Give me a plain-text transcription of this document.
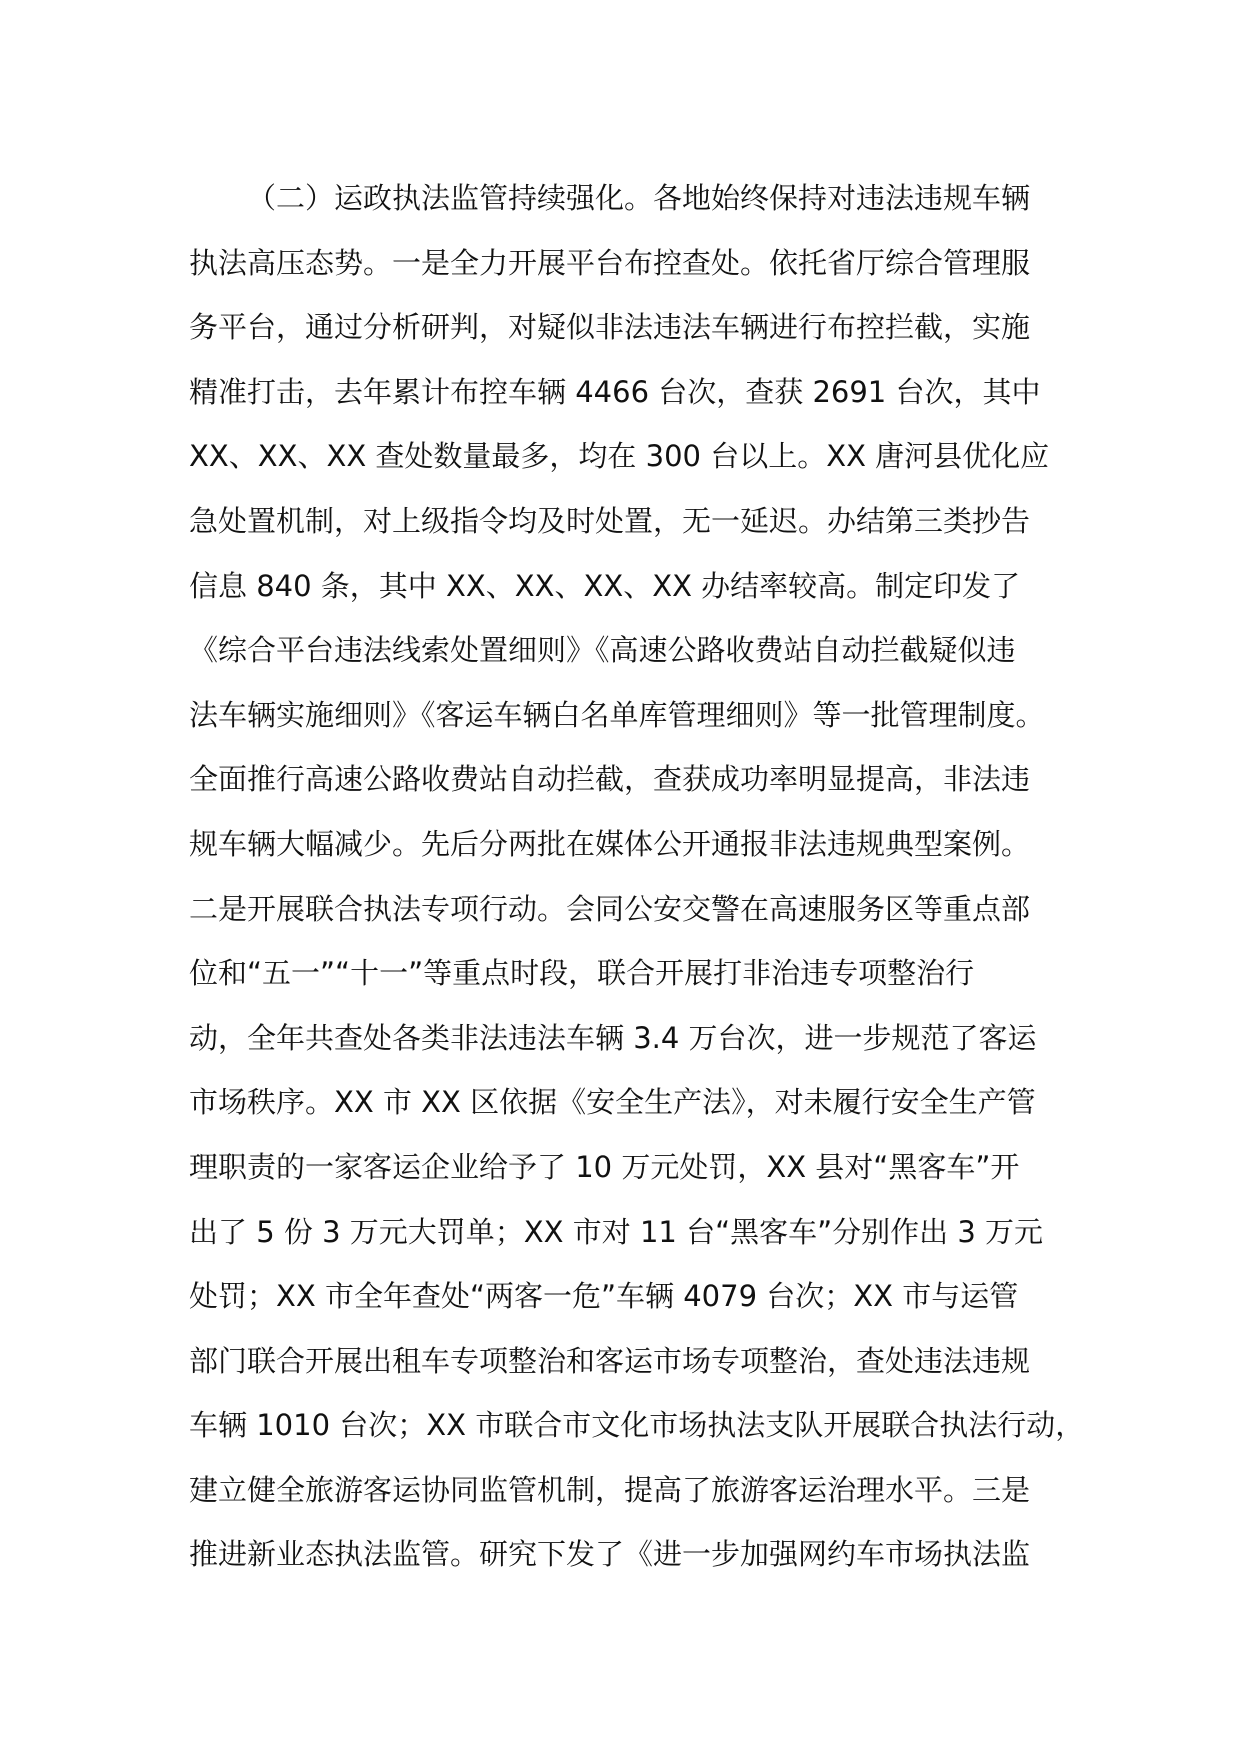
（二）运政执法监管持续强化。各地始终保持对违法违规车辆
执法高压态势。一是全力开展平台布控查处。依托省厅综合管理服
务平台，通过分析研判，对疑似非法违法车辆进行布控拦截，实施
精准打击，去年累计布控车辆 4466 台次，查获 2691 台次，其中
XX、XX、XX 查处数量最多，均在 300 台以上。XX 唐河县优化应
急处置机制，对上级指令均及时处置，无一延迟。办结第三类抄告
信息 840 条，其中 XX、XX、XX、XX 办结率较高。制定印发了
《综合平台违法线索处置细则》《高速公路收费站自动拦截疑似违
法车辆实施细则》《客运车辆白名单库管理细则》等一批管理制度。
全面推行高速公路收费站自动拦截，查获成功率明显提高，非法违
规车辆大幅减少。先后分两批在媒体公开通报非法违规典型案例。
二是开展联合执法专项行动。会同公安交警在高速服务区等重点部
位和“五一”“十一”等重点时段，联合开展打非治违专项整治行
动，全年共查处各类非法违法车辆 3.4 万台次，进一步规范了客运
市场秩序。XX 市 XX 区依据《安全生产法》，对未履行安全生产管
理职责的一家客运企业给予了 10 万元处罚，XX 县对“黑客车”开
出了 5 份 3 万元大罚单；XX 市对 11 台“黑客车”分别作出 3 万元
处罚；XX 市全年查处“两客一危”车辆 4079 台次；XX 市与运管
部门联合开展出租车专项整治和客运市场专项整治，查处违法违规
车辆 1010 台次；XX 市联合市文化市场执法支队开展联合执法行动，
建立健全旅游客运协同监管机制，提高了旅游客运治理水平。三是
推进新业态执法监管。研究下发了《进一步加强网约车市场执法监
